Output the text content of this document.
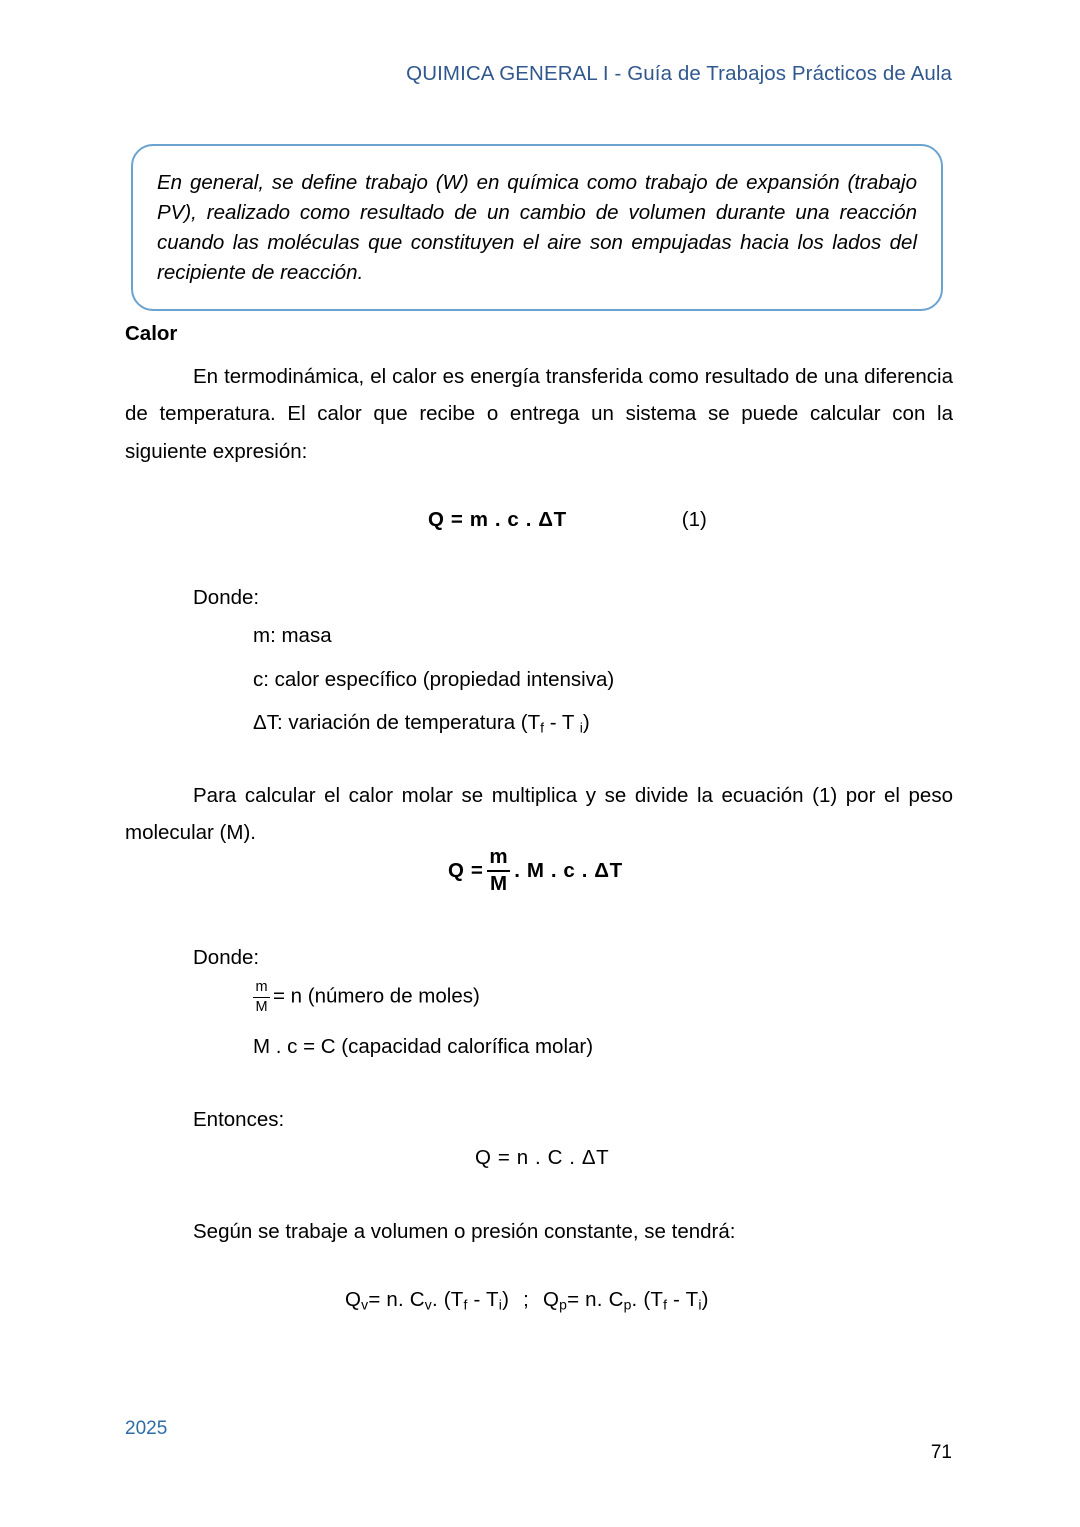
QUIMICA GENERAL I - Guía de Trabajos Prácticos de Aula

En general, se define trabajo (W) en química como trabajo de expansión (trabajo PV), realizado como resultado de un cambio de volumen durante una reacción cuando las moléculas que constituyen el aire son empujadas hacia los lados del recipiente de reacción.

Calor

En termodinámica, el calor es energía transferida como resultado de una diferencia de temperatura. El calor que recibe o entrega un sistema se puede calcular con la siguiente expresión:

Q = m . c . ΔT	(1)
Donde:
m: masa
c: calor específico (propiedad intensiva)
ΔT: variación de temperatura ($T_f$ - T $_i$)

Para calcular el calor molar se multiplica y se divide la ecuación (1) por el peso molecular (M).

$Q = \frac{m}{M}$ . M . c . ΔT
Donde:
$\frac{m}{M} = n$ (número de moles)
M . c = C (capacidad calorífica molar)
Entonces:
Q = n . C . ΔT
Según se trabaje a volumen o presión constante, se tendrá:
$Q_v= n$. $C_v$. $(T_f - T_i)$ ; $Q_p= n$. $C_p$. $(T_f - T_i)$
2025
71
